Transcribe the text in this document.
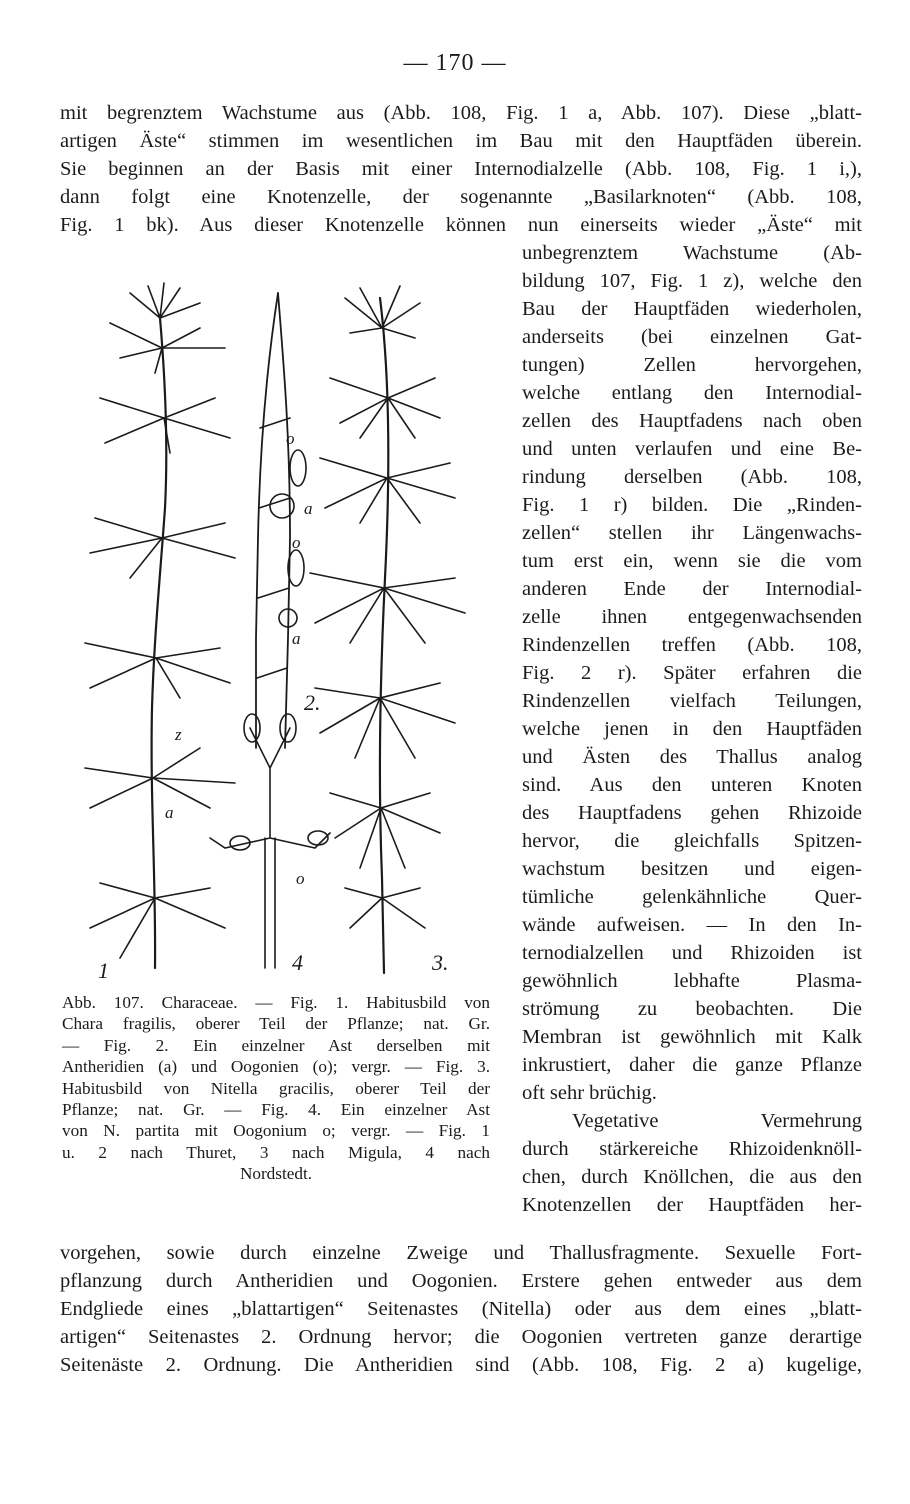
— 170 —
mit begrenztem Wachstume aus (Abb. 108, Fig. 1 a, Abb. 107). Diese „blatt-
artigen Äste“ stimmen im wesentlichen im Bau mit den Hauptfäden überein.
Sie beginnen an der Basis mit einer Internodialzelle (Abb. 108, Fig. 1 i,),
dann folgt eine Knotenzelle, der sogenannte „Basilarknoten“ (Abb. 108,
Fig. 1 bk). Aus dieser Knotenzelle können nun einerseits wieder „Äste“ mit
1
2.
3.
4
z
a
o
a
o
a
o
Abb. 107. Characeae. — Fig. 1. Habitusbild von
Chara fragilis, oberer Teil der Pflanze; nat. Gr.
— Fig. 2. Ein einzelner Ast derselben mit
Antheridien (a) und Oogonien (o); vergr. — Fig. 3.
Habitusbild von Nitella gracilis, oberer Teil der
Pflanze; nat. Gr. — Fig. 4. Ein einzelner Ast
von N. partita mit Oogonium o; vergr. — Fig. 1
u. 2 nach Thuret, 3 nach Migula, 4 nach
Nordstedt.
unbegrenztem Wachstume (Ab-
bildung 107, Fig. 1 z), welche den
Bau der Hauptfäden wiederholen,
anderseits (bei einzelnen Gat-
tungen) Zellen hervorgehen,
welche entlang den Internodial-
zellen des Hauptfadens nach oben
und unten verlaufen und eine Be-
rindung derselben (Abb. 108,
Fig. 1 r) bilden. Die „Rinden-
zellen“ stellen ihr Längenwachs-
tum erst ein, wenn sie die vom
anderen Ende der Internodial-
zelle ihnen entgegenwachsenden
Rindenzellen treffen (Abb. 108,
Fig. 2 r). Später erfahren die
Rindenzellen vielfach Teilungen,
welche jenen in den Hauptfäden
und Ästen des Thallus analog
sind. Aus den unteren Knoten
des Hauptfadens gehen Rhizoide
hervor, die gleichfalls Spitzen-
wachstum besitzen und eigen-
tümliche gelenkähnliche Quer-
wände aufweisen. — In den In-
ternodialzellen und Rhizoiden ist
gewöhnlich lebhafte Plasma-
strömung zu beobachten. Die
Membran ist gewöhnlich mit Kalk
inkrustiert, daher die ganze Pflanze
oft sehr brüchig.
Vegetative Vermehrung
durch stärkereiche Rhizoidenknöll-
chen, durch Knöllchen, die aus den
Knotenzellen der Hauptfäden her-
vorgehen, sowie durch einzelne Zweige und Thallusfragmente. Sexuelle Fort-
pflanzung durch Antheridien und Oogonien. Erstere gehen entweder aus dem
Endgliede eines „blattartigen“ Seitenastes (Nitella) oder aus dem eines „blatt-
artigen“ Seitenastes 2. Ordnung hervor; die Oogonien vertreten ganze derartige
Seitenäste 2. Ordnung. Die Antheridien sind (Abb. 108, Fig. 2 a) kugelige,
